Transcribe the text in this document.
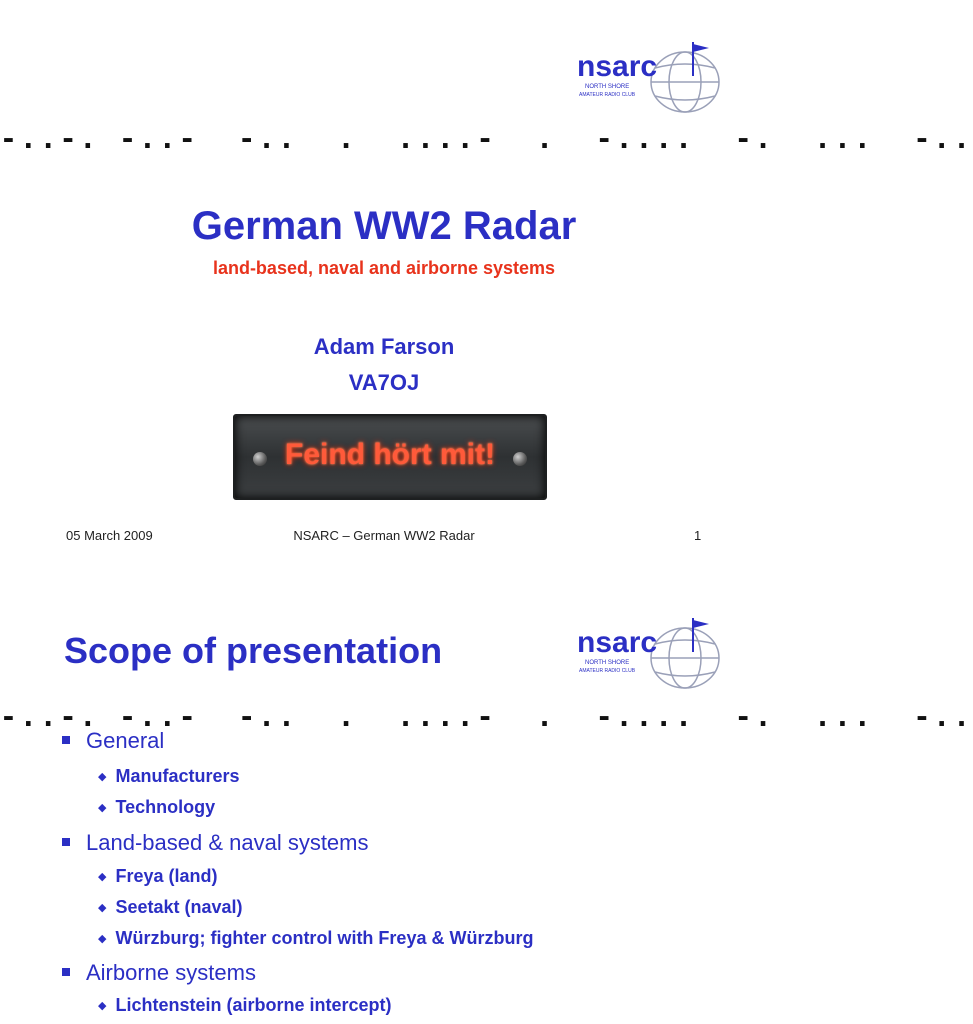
nsarc
NORTH SHORE
AMATEUR RADIO CLUB
-..-. -..-  -..  .  ....-  .  -....  -.  ...  -..
German WW2 Radar
land-based, naval and airborne systems
Adam Farson
VA7OJ
Feind hört mit!
05 March 2009	NSARC – German WW2 Radar	1
Scope of presentation	nsarc
NORTH SHORE
AMATEUR RADIO CLUB
-..-. -..-  -..  .  ....-  .  -....  -.  ...  -..
General
◆ Manufacturers
◆ Technology
Land-based & naval systems
◆ Freya (land)
◆ Seetakt (naval)
◆ Würzburg; fighter control with Freya & Würzburg
Airborne systems
◆ Lichtenstein (airborne intercept)
